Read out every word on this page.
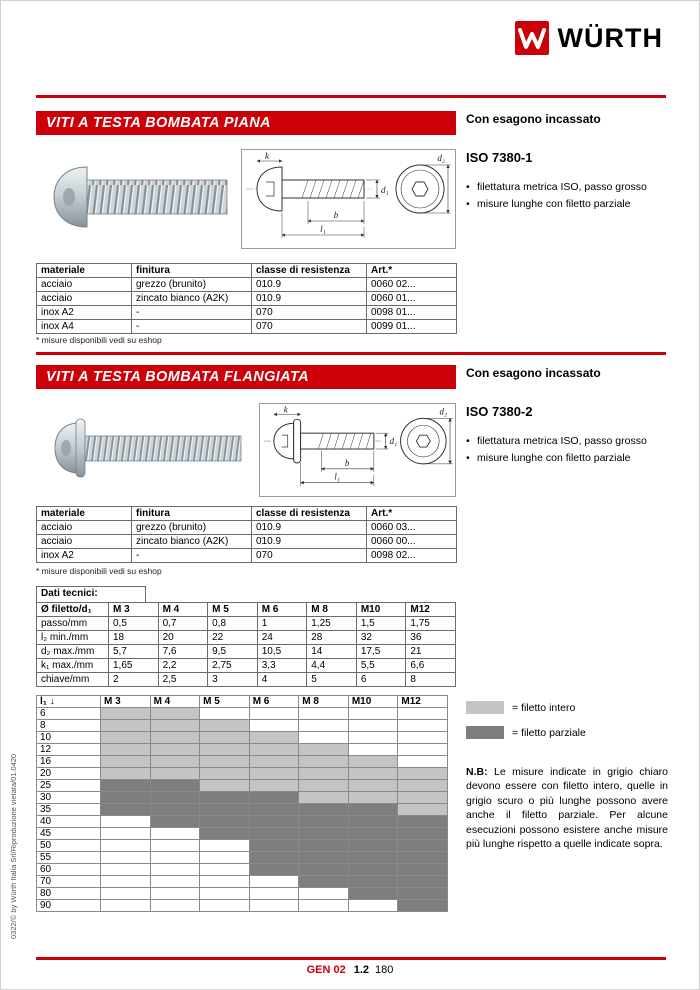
WÜRTH
VITI A TESTA BOMBATA PIANA	Con esagono incassato
ISO 7380-1
• filettatura metrica ISO, passo grosso
• misure lunghe con filetto parziale
k
b
l₁
d₁
d₂
materiale	finitura	classe di resistenza	Art.*
acciaio	grezzo (brunito)	010.9	0060 02...
acciaio	zincato bianco (A2K)	010.9	0060 01...
inox A2	-	070	0098 01...
inox A4	-	070	0099 01...
* misure disponibili vedi su eshop
VITI A TESTA BOMBATA FLANGIATA	Con esagono incassato
ISO 7380-2
• filettatura metrica ISO, passo grosso
• misure lunghe con filetto parziale
k
b
l₁
d₁
d₂
materiale	finitura	classe di resistenza	Art.*
acciaio	grezzo (brunito)	010.9	0060 03...
acciaio	zincato bianco (A2K)	010.9	0060 00...
inox A2	-	070	0098 02...
* misure disponibili vedi su eshop
Dati tecnici:
Ø filetto/d₁	M 3	M 4	M 5	M 6	M 8	M10	M12
passo/mm	0,5	0,7	0,8	1	1,25	1,5	1,75
l₂ min./mm	18	20	22	24	28	32	36
d₂ max./mm	5,7	7,6	9,5	10,5	14	17,5	21
k₁ max./mm	1,65	2,2	2,75	3,3	4,4	5,5	6,6
chiave/mm	2	2,5	3	4	5	6	8
l₁ ↓	M 3	M 4	M 5	M 6	M 8	M10	M12
6							
8							
10							
12							
16							
20							
25							
30							
35							
40							
45							
50							
55							
60							
70							
80							
90							
= filetto intero
= filetto parziale
N.B: Le misure indicate in grigio chiaro devono essere con filetto intero, quelle in grigio scuro o più lunghe possono avere anche il filetto parziale. Per alcune esecuzioni possono esistere anche misure più lunghe rispetto a quelle indicate sopra.
0322/© by Würth Italia Srl/Riproduzione vietata/01.0420
GEN 02 1.2 180
